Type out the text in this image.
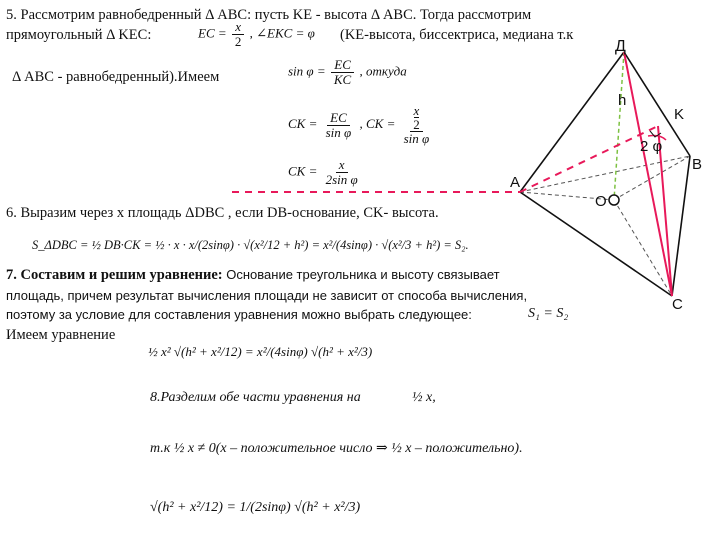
5. Рассмотрим равнобедренный Δ ABC: пусть KE - высота Δ ABC. Тогда рассмотрим
прямоугольный Δ KEC:	EC = $\frac{x}{2}$ , ∠EKC = φ (KE-высота, биссектриса, медиана т.к
Δ ABC - равнобедренный).Имеем	$\sin \varphi = \frac{EC}{KC}$ , откуда
CK = $\frac{EC}{\text{sin φ}}$ , CK = x
2
sin φ
CK = $\frac{x}{\text{2sin φ}}$
6. Выразим через x площадь ΔDBC , если DB-основание, CK- высота.
S_ΔDBC = ½ DB·CK = ½ · x · x/(2sinφ) · √(x²/12 + h²) = x²/(4sinφ) · √(x²/3 + h²) = S₂.
7. Составим и решим уравнение: Основание треугольника и высоту связывает
площадь, причем результат вычисления площади не зависит от способа вычисления,
поэтому за условие для составления уравнения можно выбрать следующее:	S₁ = S₂
Имеем уравнение
½ x² √(h² + x²/12) = x²/(4sinφ) √(h² + x²/3)
8.Разделим обе части уравнения на	½ x,
т.к ½ x ≠ 0(x – положительное число ⇒ ½ x – положительно).
√(h² + x²/12) = 1/(2sinφ) √(h² + x²/3)
Д
h
K
2 φ
B
A
O
C
